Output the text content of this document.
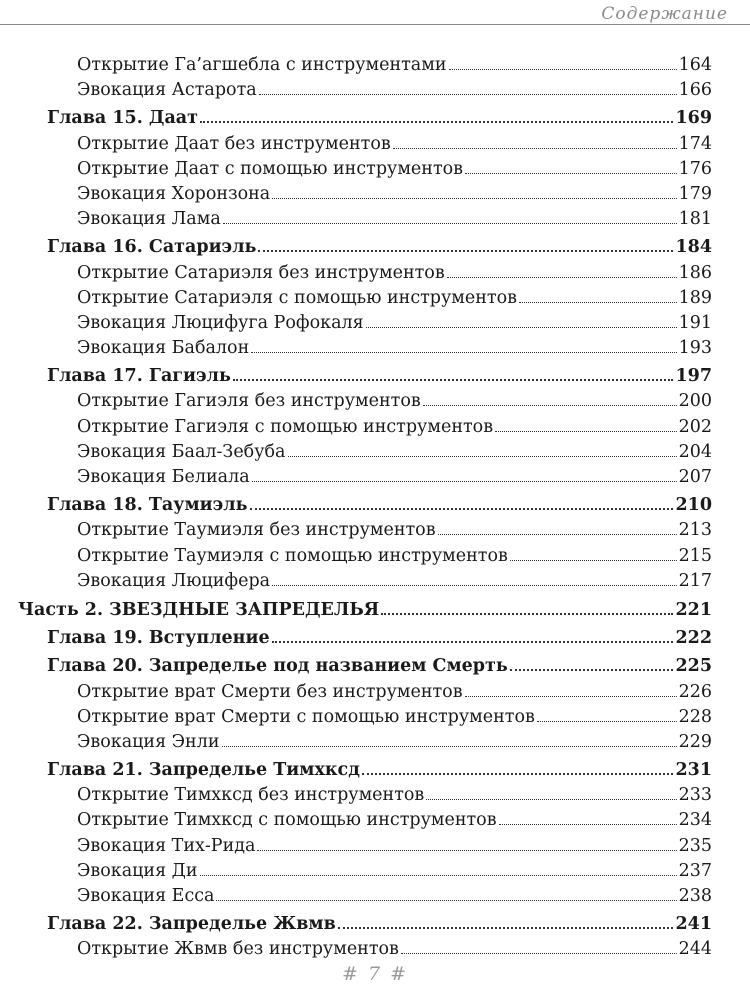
Содержание
Открытие Га’агшебла с инструментами	164
Эвокация Астарота	166
Глава 15. Даат	169
Открытие Даат без инструментов	174
Открытие Даат с помощью инструментов	176
Эвокация Хоронзона	179
Эвокация Лама	181
Глава 16. Сатариэль	184
Открытие Сатариэля без инструментов	186
Открытие Сатариэля с помощью инструментов	189
Эвокация Люцифуга Рофокаля	191
Эвокация Бабалон	193
Глава 17. Гагиэль	197
Открытие Гагиэля без инструментов	200
Открытие Гагиэля с помощью инструментов	202
Эвокация Баал-Зебуба	204
Эвокация Белиала	207
Глава 18. Таумиэль	210
Открытие Таумиэля без инструментов	213
Открытие Таумиэля с помощью инструментов	215
Эвокация Люцифера	217
Часть 2. ЗВЕЗДНЫЕ ЗАПРЕДЕЛЬЯ	221
Глава 19. Вступление	222
Глава 20. Запределье под названием Смерть	225
Открытие врат Смерти без инструментов	226
Открытие врат Смерти с помощью инструментов	228
Эвокация Энли	229
Глава 21. Запределье Тимхксд	231
Открытие Тимхксд без инструментов	233
Открытие Тимхксд с помощью инструментов	234
Эвокация Тих-Рида	235
Эвокация Ди	237
Эвокация Есса	238
Глава 22. Запределье Жвмв	241
Открытие Жвмв без инструментов	244
# 7 #
